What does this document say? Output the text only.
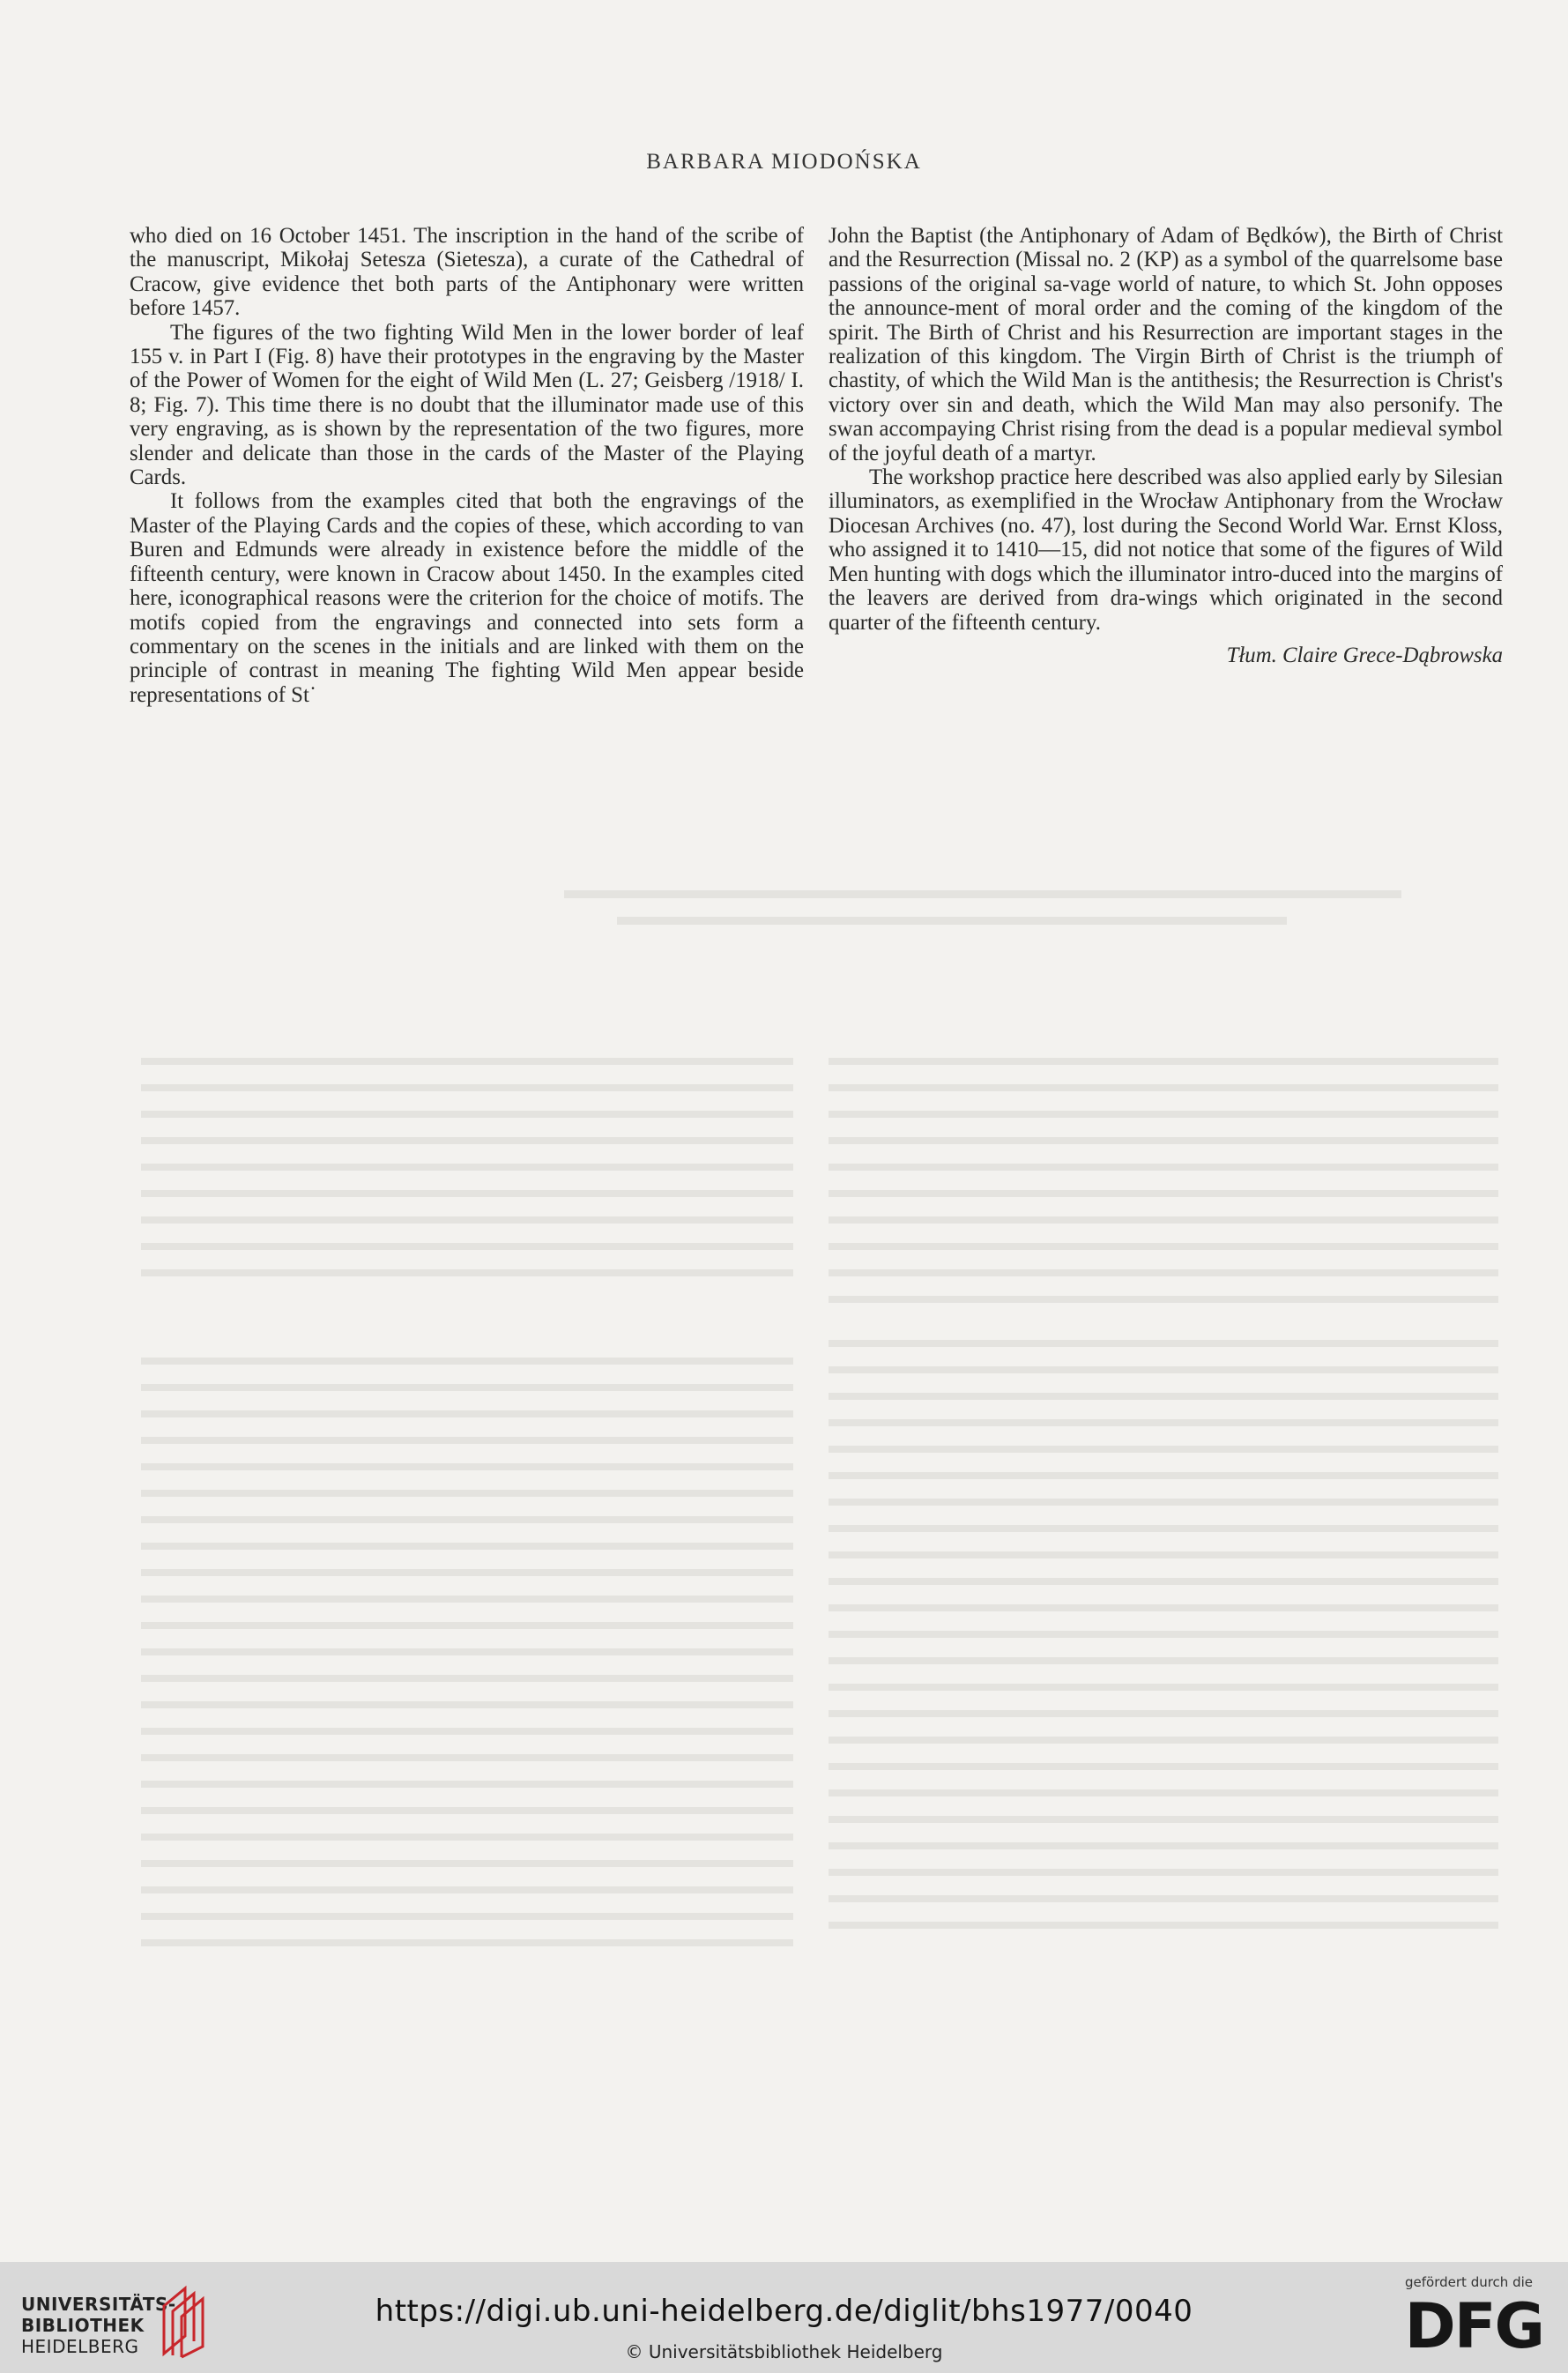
BARBARA MIODOŃSKA

who died on 16 October 1451. The inscription in the hand of the scribe of the manuscript, Mikołaj Setesza (Sietesza), a curate of the Cathedral of Cracow, give evidence thet both parts of the Antiphonary were written before 1457.

The figures of the two fighting Wild Men in the lower border of leaf 155 v. in Part I (Fig. 8) have their prototypes in the engraving by the Master of the Power of Women for the eight of Wild Men (L. 27; Geisberg /1918/ I. 8; Fig. 7). This time there is no doubt that the illuminator made use of this very engraving, as is shown by the representation of the two figures, more slender and delicate than those in the cards of the Master of the Playing Cards.

It follows from the examples cited that both the engravings of the Master of the Playing Cards and the copies of these, which according to van Buren and Edmunds were already in existence before the middle of the fifteenth century, were known in Cracow about 1450. In the examples cited here, iconographical reasons were the criterion for the choice of motifs. The motifs copied from the engravings and connected into sets form a commentary on the scenes in the initials and are linked with them on the principle of contrast in meaning The fighting Wild Men appear beside representations of St˙

John the Baptist (the Antiphonary of Adam of Będków), the Birth of Christ and the Resurrection (Missal no. 2 (KP) as a symbol of the quarrelsome base passions of the original sa-vage world of nature, to which St. John opposes the announce-ment of moral order and the coming of the kingdom of the spirit. The Birth of Christ and his Resurrection are important stages in the realization of this kingdom. The Virgin Birth of Christ is the triumph of chastity, of which the Wild Man is the antithesis; the Resurrection is Christ's victory over sin and death, which the Wild Man may also personify. The swan accompaying Christ rising from the dead is a popular medieval symbol of the joyful death of a martyr.

The workshop practice here described was also applied early by Silesian illuminators, as exemplified in the Wrocław Antiphonary from the Wrocław Diocesan Archives (no. 47), lost during the Second World War. Ernst Kloss, who assigned it to 1410—15, did not notice that some of the figures of Wild Men hunting with dogs which the illuminator intro-duced into the margins of the leavers are derived from dra-wings which originated in the second quarter of the fifteenth century.

Tłum. Claire Grece-Dąbrowska
UNIVERSITÄTS-
BIBLIOTHEK
HEIDELBERG
https://digi.ub.uni-heidelberg.de/diglit/bhs1977/0040
© Universitätsbibliothek Heidelberg
gefördert durch die
DFG
